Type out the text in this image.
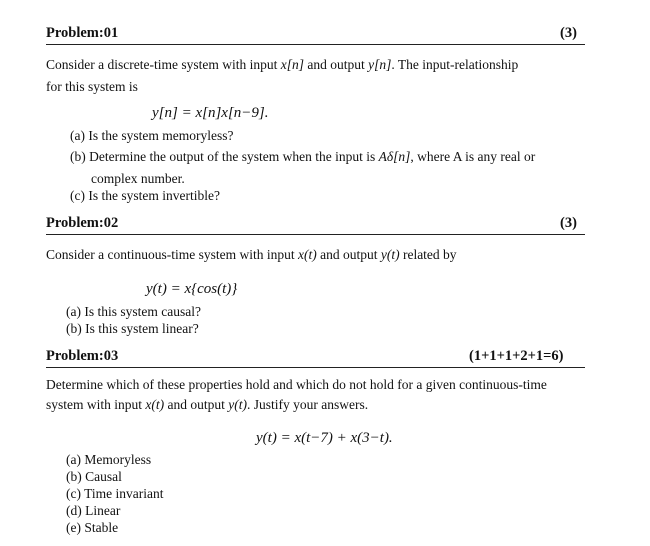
Problem:01	(3)
Consider a discrete-time system with input x[n] and output y[n]. The input-relationship
for this system is
y[n] = x[n]x[n−9].
(a) Is the system memoryless?
(b) Determine the output of the system when the input is Aδ[n], where A is any real or
complex number.
(c) Is the system invertible?
Problem:02	(3)
Consider a continuous-time system with input x(t) and output y(t) related by
y(t) = x{cos(t)}
(a) Is this system causal?
(b) Is this system linear?
Problem:03	(1+1+1+2+1=6)
Determine which of these properties hold and which do not hold for a given continuous-time
system with input x(t) and output y(t). Justify your answers.
y(t) = x(t−7) + x(3−t).
(a) Memoryless
(b) Causal
(c) Time invariant
(d) Linear
(e) Stable
